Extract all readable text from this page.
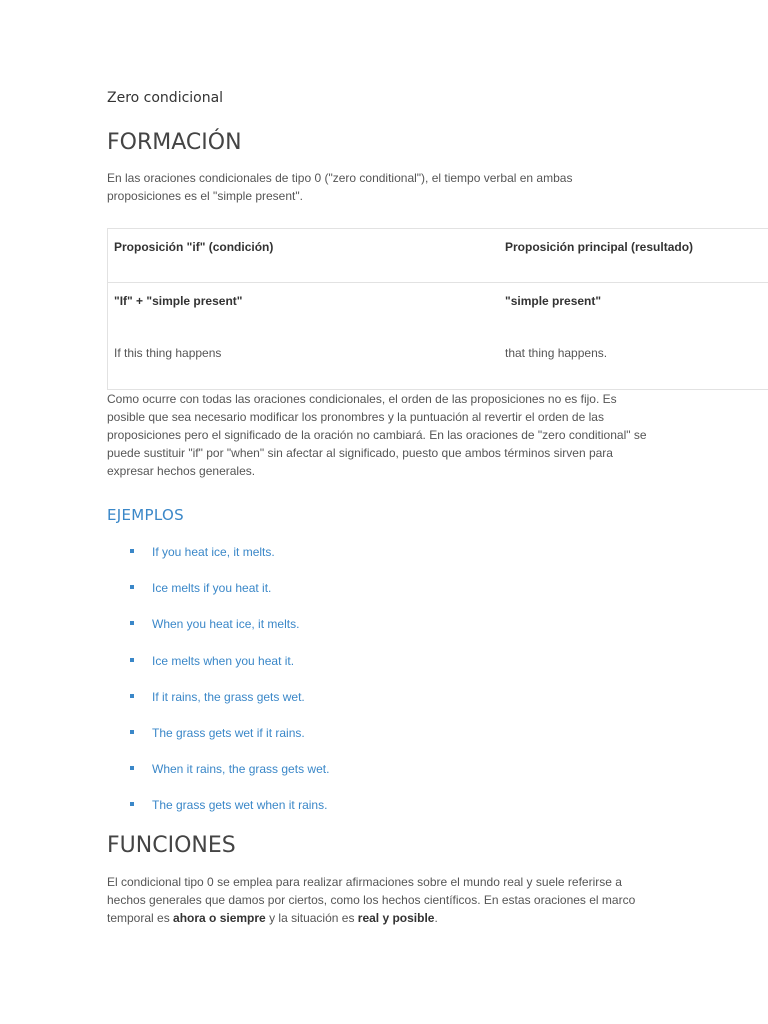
Zero condicional
FORMACIÓN

En las oraciones condicionales de tipo 0 ("zero conditional"), el tiempo verbal en ambas proposiciones es el "simple present".

Proposición "if" (condición)	Proposición principal (resultado)
"If" + "simple present"	"simple present"
If this thing happens	that thing happens.

Como ocurre con todas las oraciones condicionales, el orden de las proposiciones no es fijo. Es posible que sea necesario modificar los pronombres y la puntuación al revertir el orden de las proposiciones pero el significado de la oración no cambiará. En las oraciones de "zero conditional" se puede sustituir "if" por "when" sin afectar al significado, puesto que ambos términos sirven para expresar hechos generales.

EJEMPLOS
If you heat ice, it melts.
Ice melts if you heat it.
When you heat ice, it melts.
Ice melts when you heat it.
If it rains, the grass gets wet.
The grass gets wet if it rains.
When it rains, the grass gets wet.
The grass gets wet when it rains.
FUNCIONES

El condicional tipo 0 se emplea para realizar afirmaciones sobre el mundo real y suele referirse a hechos generales que damos por ciertos, como los hechos científicos. En estas oraciones el marco temporal es ahora o siempre y la situación es real y posible.
